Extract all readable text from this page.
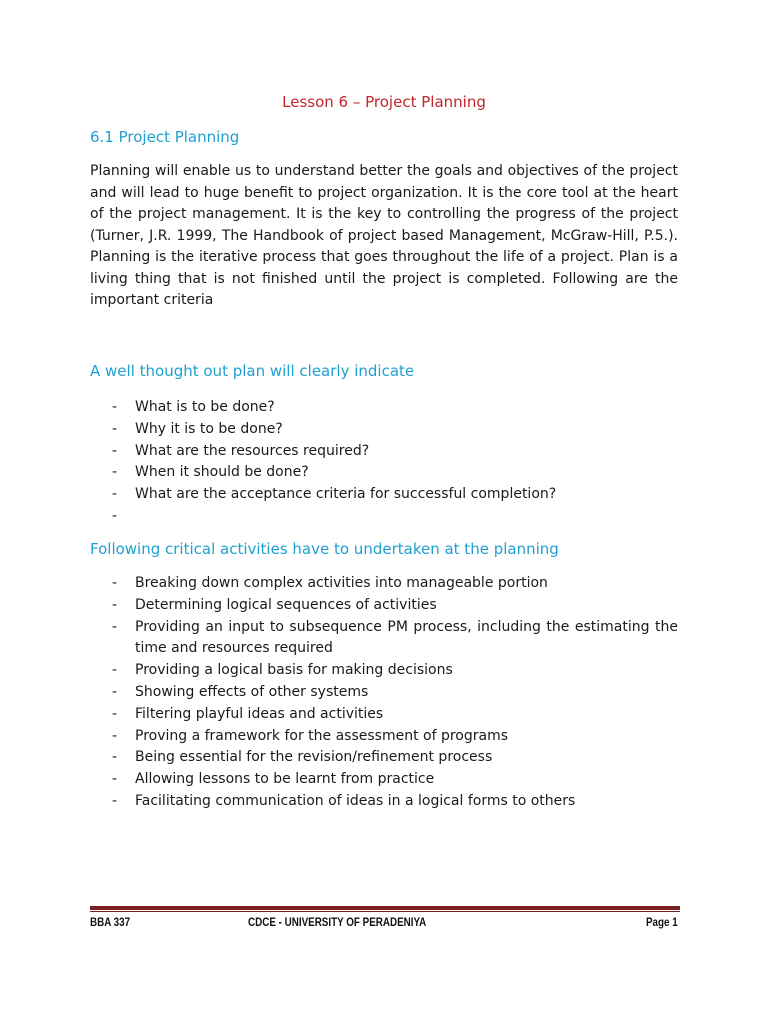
Lesson 6 – Project Planning
6.1 Project Planning

Planning will enable us to understand better the goals and objectives of the project and will lead to huge benefit to project organization. It is the core tool at the heart of the project management. It is the key to controlling the progress of the project (Turner, J.R. 1999, The Handbook of project based Management, McGraw-Hill, P.5.). Planning is the iterative process that goes throughout the life of a project. Plan is a living thing that is not finished until the project is completed. Following are the important criteria

A well thought out plan will clearly indicate
- What is to be done?
- Why it is to be done?
- What are the resources required?
- When it should be done?
- What are the acceptance criteria for successful completion?
-

Following critical activities have to undertaken at the planning
- Breaking down complex activities into manageable portion
- Determining logical sequences of activities
- Providing an input to subsequence PM process, including the estimating the time and resources required
- Providing a logical basis for making decisions
- Showing effects of other systems
- Filtering playful ideas and activities
- Proving a framework for the assessment of programs
- Being essential for the revision/refinement process
- Allowing lessons to be learnt from practice
- Facilitating communication of ideas in a logical forms to others
BBA 337	CDCE - UNIVERSITY OF PERADENIYA	Page 1
